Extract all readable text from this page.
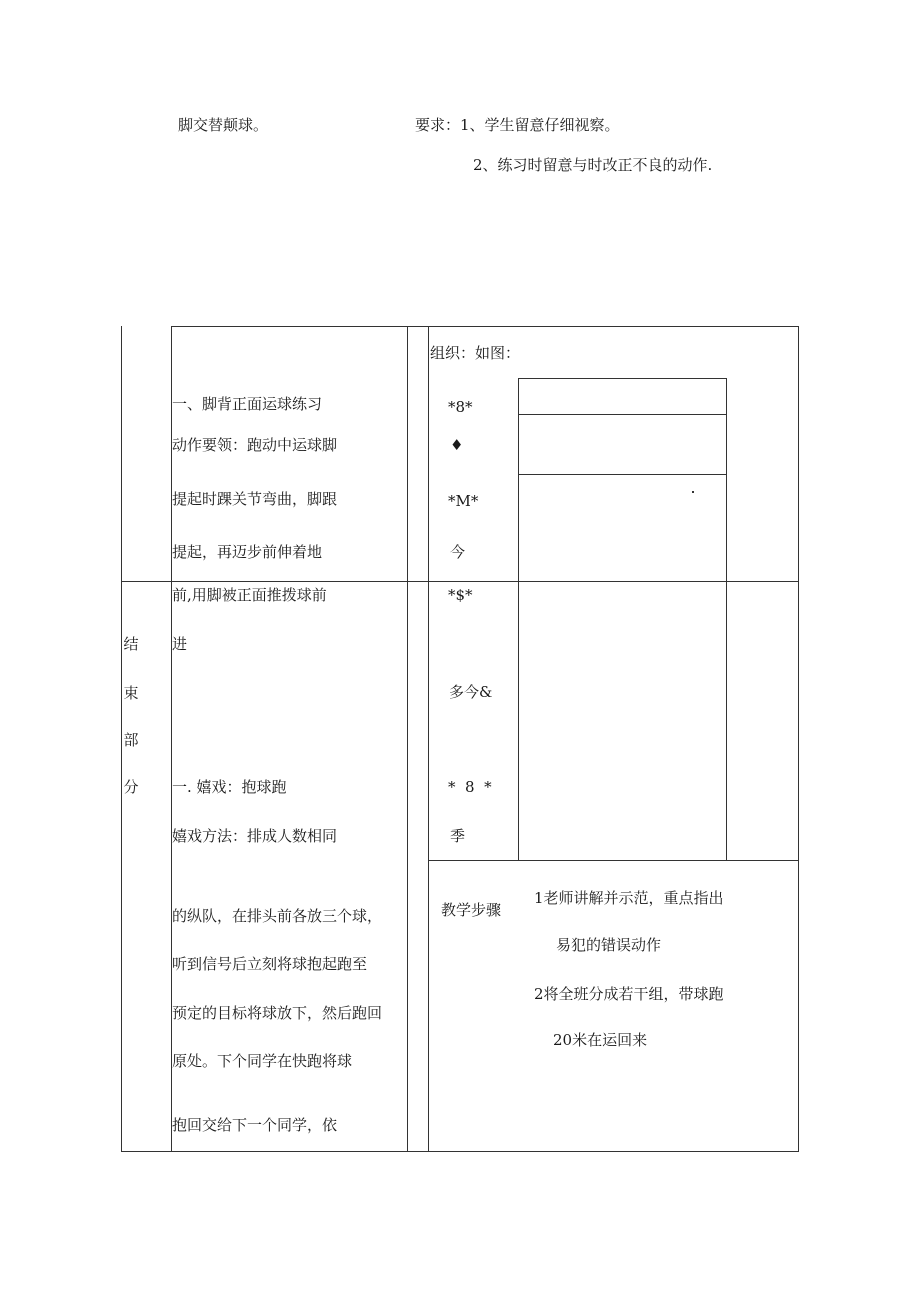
脚交替颠球。	要求：1、学生留意仔细视察。
2、练习时留意与时改正不良的动作.
结
束
部
分
一、脚背正面运球练习
动作要领：跑动中运球脚
提起时踝关节弯曲，脚跟
提起，再迈步前伸着地
前,用脚被正面推拨球前
进
一. 嬉戏：抱球跑
嬉戏方法：排成人数相同
的纵队，在排头前各放三个球，
听到信号后立刻将球抱起跑至
预定的目标将球放下，然后跑回
原处。下个同学在快跑将球
抱回交给下一个同学，依
组织：如图：
*8*
♦
*M*
今
*$*
多今&
*  8  *
季
教学步骤
1老师讲解并示范，重点指出
易犯的错误动作
2将全班分成若干组，带球跑
20米在运回来
